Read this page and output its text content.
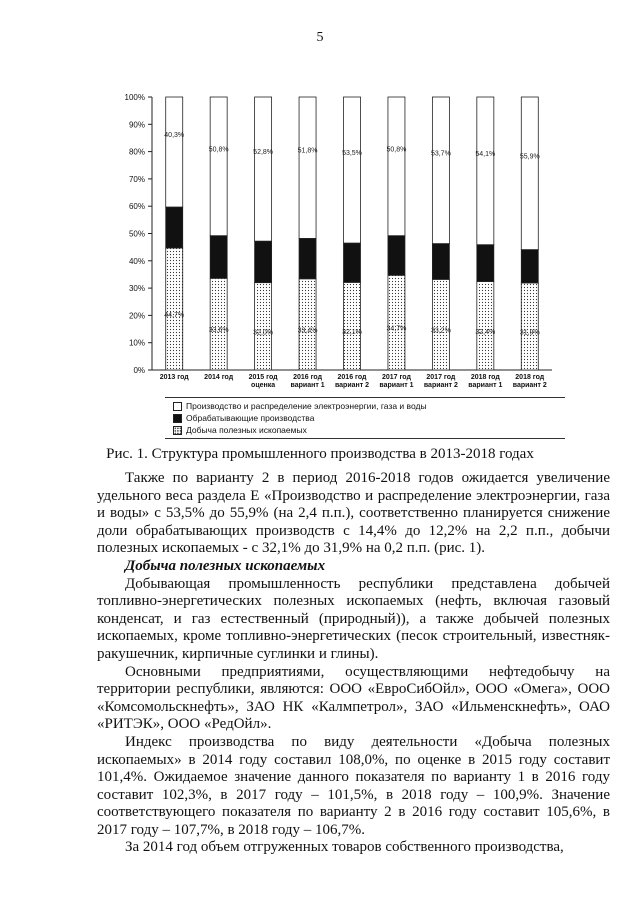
5
0%
10%
20%
30%
40%
50%
60%
70%
80%
90%
100%
44,7%
40,3%
2013 год
33,6%
50,8%
2014 год
32,0%
52,8%
2015 год
оценка
33,4%
51,8%
2016 год
вариант 1
32,1%
53,5%
2016 год
вариант 2
34,7%
50,8%
2017 год
вариант 1
33,2%
53,7%
2017 год
вариант 2
32,4%
54,1%
2018 год
вариант 1
31,9%
55,9%
2018 год
вариант 2
Производство и распределение электроэнергии, газа и воды
Обрабатывающие производства
Добыча полезных ископаемых
Рис. 1. Структура промышленного производства в 2013-2018 годах

Также по варианту 2 в период 2016-2018 годов ожидается увеличение удельного веса раздела Е «Производство и распределение электроэнергии, газа и воды» с 53,5% до 55,9% (на 2,4 п.п.), соответственно планируется снижение доли обрабатывающих производств с 14,4% до 12,2% на 2,2 п.п., добычи полезных ископаемых - с 32,1% до 31,9% на 0,2 п.п. (рис. 1).

Добыча полезных ископаемых

Добывающая промышленность республики представлена добычей топливно-энергетических полезных ископаемых (нефть, включая газовый конденсат, и газ естественный (природный)), а также добычей полезных ископаемых, кроме топливно-энергетических (песок строительный, известняк-ракушечник, кирпичные суглинки и глины).

Основными предприятиями, осуществляющими нефтедобычу на территории республики, являются: ООО «ЕвроСибОйл», ООО «Омега», ООО «Комсомольскнефть», ЗАО НК «Калмпетрол», ЗАО «Ильменскнефть», ОАО «РИТЭК», ООО «РедОйл».

Индекс производства по виду деятельности «Добыча полезных ископаемых» в 2014 году составил 108,0%, по оценке в 2015 году составит 101,4%. Ожидаемое значение данного показателя по варианту 1 в 2016 году составит 102,3%, в 2017 году – 101,5%, в 2018 году – 100,9%. Значение соответствующего показателя по варианту 2 в 2016 году составит 105,6%, в 2017 году – 107,7%, в 2018 году – 106,7%.

За 2014 год объем отгруженных товаров собственного производства,
